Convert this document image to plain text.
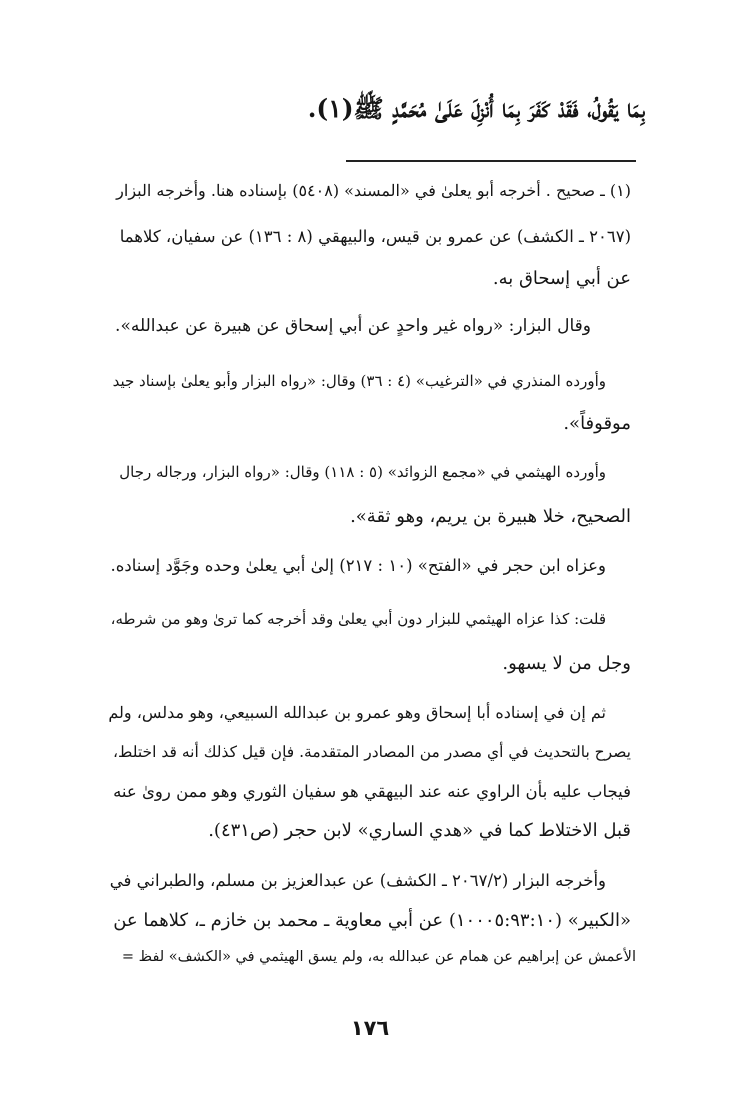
بِمَا يَقُولُ، فَقَدْ كَفَرَ بِمَا أُنْزِلَ عَلَىٰ مُحَمَّدٍ ﷺ(١).
(١) ـ صحيح . أخرجه أبو يعلىٰ في «المسند» (٥٤٠٨) بإسناده هنا. وأخرجه البزار
(٢٠٦٧ ـ الكشف) عن عمرو بن قيس، والبيهقي (٨ : ١٣٦) عن سفيان، كلاهما
عن أبي إسحاق به.
وقال البزار: «رواه غير واحدٍ عن أبي إسحاق عن هبيرة عن عبدالله».
وأورده المنذري في «الترغيب» (٤ : ٣٦) وقال: «رواه البزار وأبو يعلىٰ بإسناد جيد
موقوفاً».
وأورده الهيثمي في «مجمع الزوائد» (٥ : ١١٨) وقال: «رواه البزار، ورجاله رجال
الصحيح، خلا هبيرة بن يريم، وهو ثقة».
وعزاه ابن حجر في «الفتح» (١٠ : ٢١٧) إلىٰ أبي يعلىٰ وحده وجَوَّد إسناده.
قلت: كذا عزاه الهيثمي للبزار دون أبي يعلىٰ وقد أخرجه كما ترىٰ وهو من شرطه،
وجل من لا يسهو.
ثم إن في إسناده أبا إسحاق وهو عمرو بن عبدالله السبيعي، وهو مدلس، ولم
يصرح بالتحديث في أي مصدر من المصادر المتقدمة. فإن قيل كذلك أنه قد اختلط،
فيجاب عليه بأن الراوي عنه عند البيهقي هو سفيان الثوري وهو ممن روىٰ عنه
قبل الاختلاط كما في «هدي الساري» لابن حجر (ص٤٣١).
وأخرجه البزار (٢٠٦٧/٢ ـ الكشف) عن عبدالعزيز بن مسلم، والطبراني في
«الكبير» (١٠٠٠٥:٩٣:١٠) عن أبي معاوية ـ محمد بن خازم ـ، كلاهما عن
الأعمش عن إبراهيم عن همام عن عبدالله به، ولم يسق الهيثمي في «الكشف» لفظ =
١٧٦
